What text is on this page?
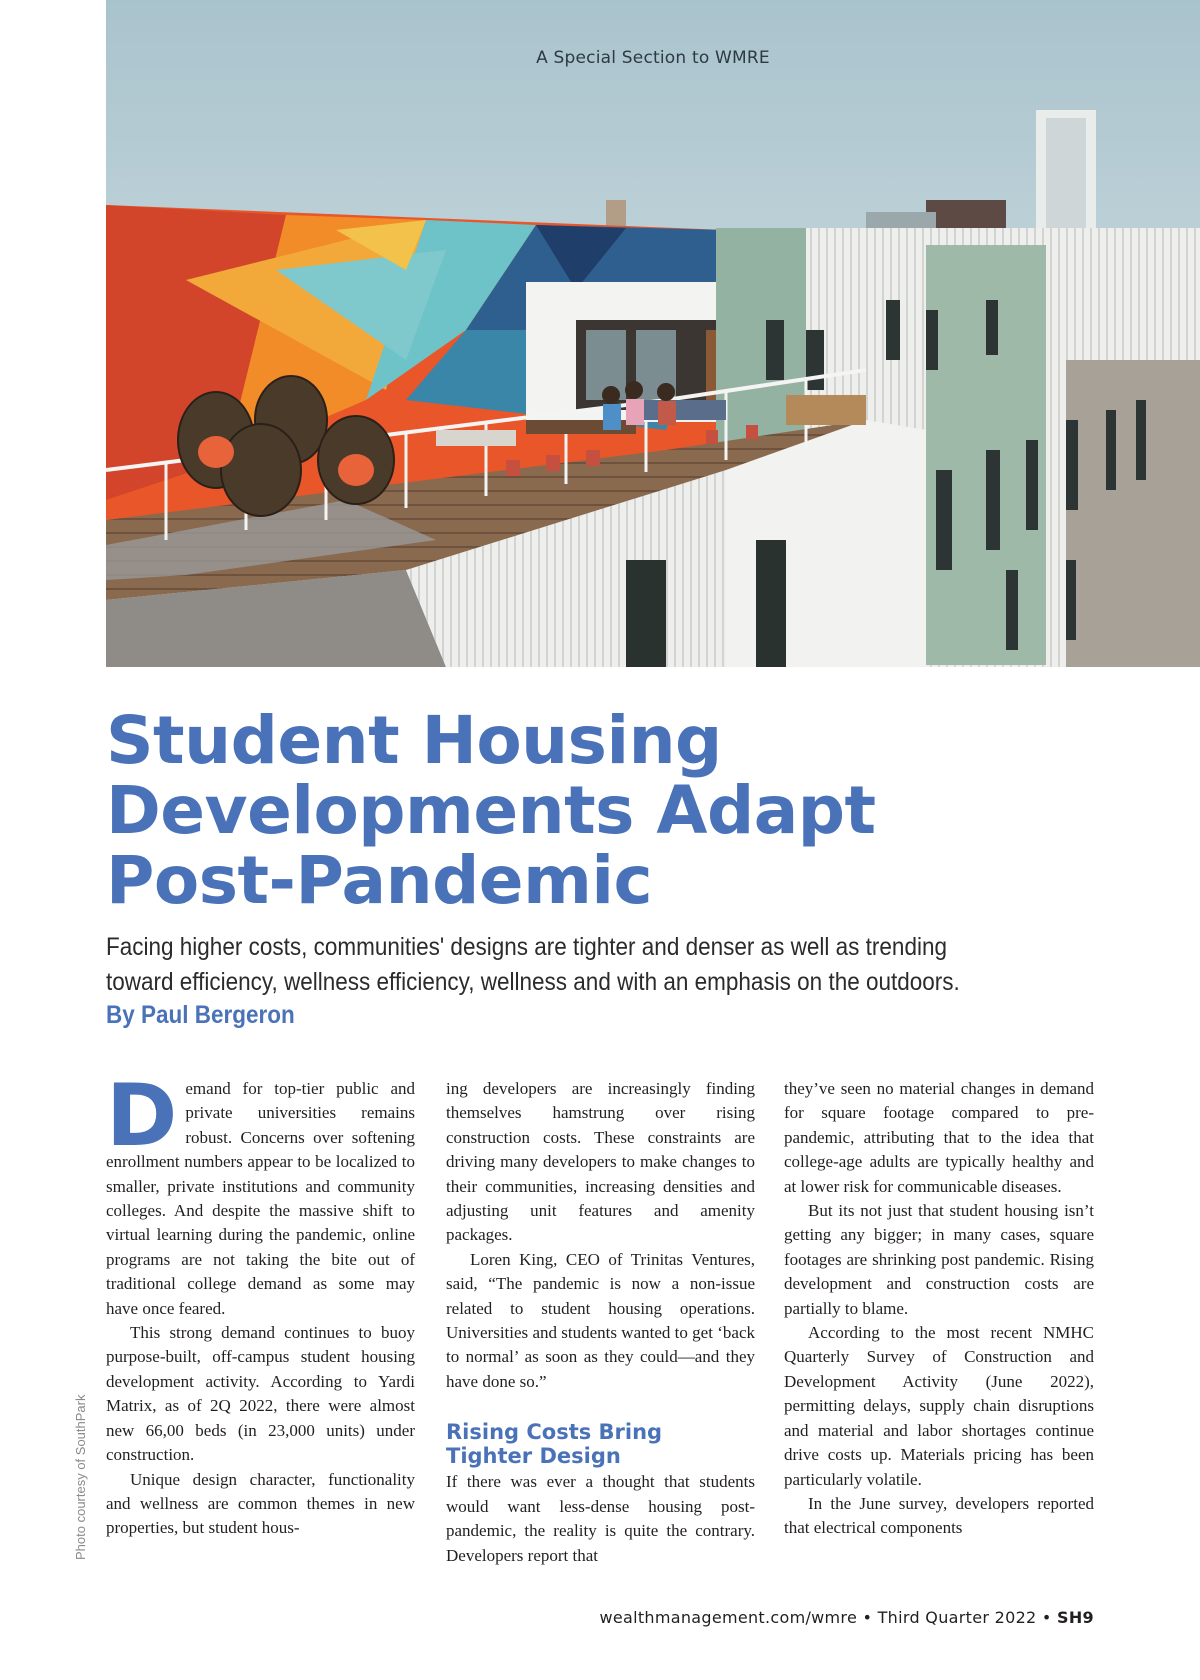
A Special Section to WMRE
Photo courtesy of SouthPark
Student Housing
Developments Adapt
Post-Pandemic
Facing higher costs, communities' designs are tighter and denser as well as trending
toward efficiency, wellness efficiency, wellness and with an emphasis on the outdoors.
By Paul Bergeron

Demand for top-tier public and private universities remains robust. Concerns over softening enrollment numbers appear to be localized to smaller, private institutions and community colleges. And despite the massive shift to virtual learning during the pandemic, online programs are not taking the bite out of traditional college demand as some may have once feared.

This strong demand continues to buoy purpose-built, off-campus student housing development activity. According to Yardi Matrix, as of 2Q 2022, there were almost new 66,00 beds (in 23,000 units) under construction.

Unique design character, functionality and wellness are common themes in new properties, but student hous-

ing developers are increasingly finding themselves hamstrung over rising construction costs. These constraints are driving many developers to make changes to their communities, increasing densities and adjusting unit features and amenity packages.

Loren King, CEO of Trinitas Ventures, said, “The pandemic is now a non-issue related to student housing operations. Universities and students wanted to get ‘back to normal’ as soon as they could—and they have done so.”

Rising Costs Bring Tighter Design

If there was ever a thought that students would want less-dense housing post-pandemic, the reality is quite the contrary. Developers report that

they’ve seen no material changes in demand for square footage compared to pre-pandemic, attributing that to the idea that college-age adults are typically healthy and at lower risk for communicable diseases.

But its not just that student housing isn’t getting any bigger; in many cases, square footages are shrinking post pandemic. Rising development and construction costs are partially to blame.

According to the most recent NMHC Quarterly Survey of Construction and Development Activity (June 2022), permitting delays, supply chain disruptions and material and labor shortages continue drive costs up. Materials pricing has been particularly volatile.

In the June survey, developers reported that electrical components

wealthmanagement.com/wmre • Third Quarter 2022 • SH9
